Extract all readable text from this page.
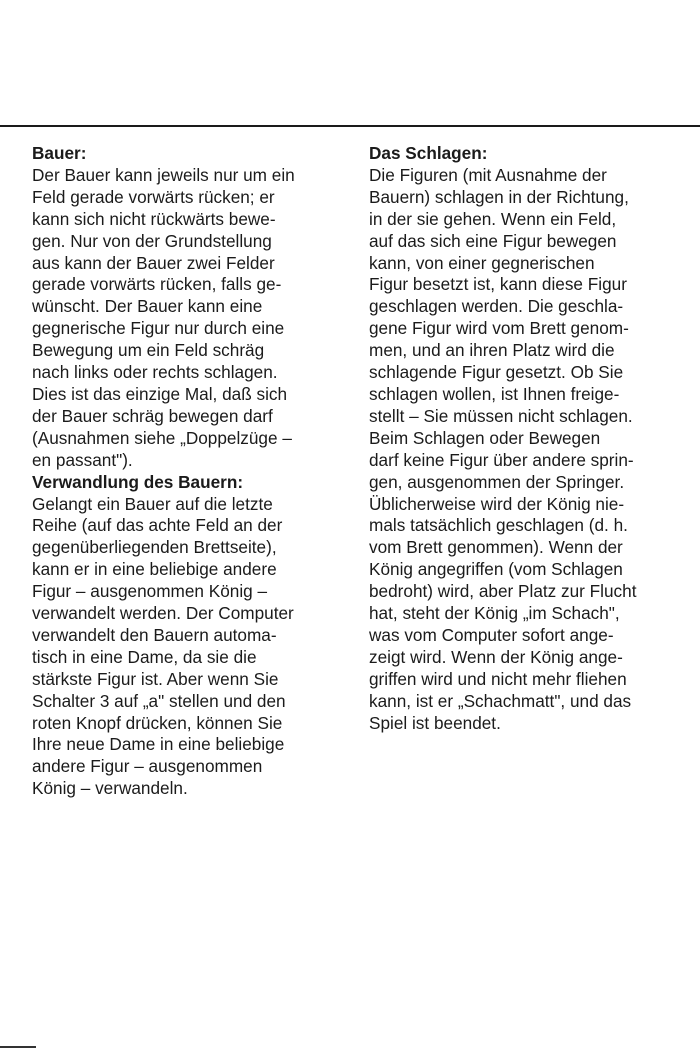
Bauer:
Der Bauer kann jeweils nur um ein
Feld gerade vorwärts rücken; er
kann sich nicht rückwärts bewe-
gen. Nur von der Grundstellung
aus kann der Bauer zwei Felder
gerade vorwärts rücken, falls ge-
wünscht. Der Bauer kann eine
gegnerische Figur nur durch eine
Bewegung um ein Feld schräg
nach links oder rechts schlagen.
Dies ist das einzige Mal, daß sich
der Bauer schräg bewegen darf
(Ausnahmen siehe „Doppelzüge –
en passant").
Verwandlung des Bauern:
Gelangt ein Bauer auf die letzte
Reihe (auf das achte Feld an der
gegenüberliegenden Brettseite),
kann er in eine beliebige andere
Figur – ausgenommen König –
verwandelt werden. Der Computer
verwandelt den Bauern automa-
tisch in eine Dame, da sie die
stärkste Figur ist. Aber wenn Sie
Schalter 3 auf „a" stellen und den
roten Knopf drücken, können Sie
Ihre neue Dame in eine beliebige
andere Figur – ausgenommen
König – verwandeln.
Das Schlagen:
Die Figuren (mit Ausnahme der
Bauern) schlagen in der Richtung,
in der sie gehen. Wenn ein Feld,
auf das sich eine Figur bewegen
kann, von einer gegnerischen
Figur besetzt ist, kann diese Figur
geschlagen werden. Die geschla-
gene Figur wird vom Brett genom-
men, und an ihren Platz wird die
schlagende Figur gesetzt. Ob Sie
schlagen wollen, ist Ihnen freige-
stellt – Sie müssen nicht schlagen.
Beim Schlagen oder Bewegen
darf keine Figur über andere sprin-
gen, ausgenommen der Springer.
Üblicherweise wird der König nie-
mals tatsächlich geschlagen (d. h.
vom Brett genommen). Wenn der
König angegriffen (vom Schlagen
bedroht) wird, aber Platz zur Flucht
hat, steht der König „im Schach",
was vom Computer sofort ange-
zeigt wird. Wenn der König ange-
griffen wird und nicht mehr fliehen
kann, ist er „Schachmatt", und das
Spiel ist beendet.
